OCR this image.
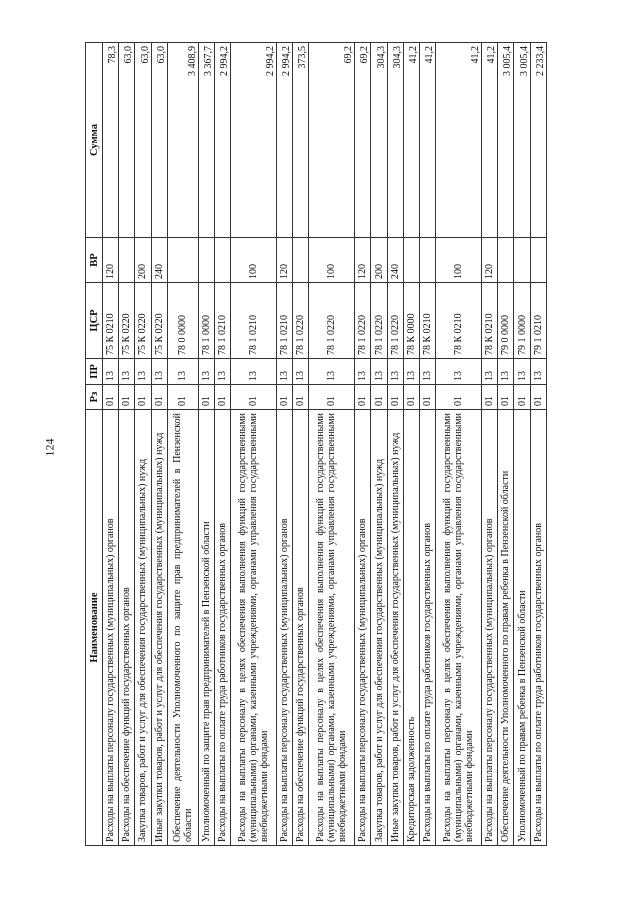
124
Наименование	Рз	ПР	ЦСР	ВР	Сумма
Расходы на выплаты персоналу государственных (муниципальных) органов	01	13	75 К 0210	120	78,3
Расходы на обеспечение функций государственных органов	01	13	75 К 0220		63,0
Закупка товаров, работ и услуг для обеспечения государственных (муниципальных) нужд	01	13	75 К 0220	200	63,0
Иные закупки товаров, работ и услуг для обеспечения государственных (муниципальных) нужд	01	13	75 К 0220	240	63,0
Обеспечение деятельности Уполномоченного по защите прав предпринимателей в Пензенской области	01	13	78 0 0000		3 408,9
Уполномоченный по защите прав предпринимателей в Пензенской области	01	13	78 1 0000		3 367,7
Расходы на выплаты по оплате труда работников государственных органов	01	13	78 1 0210		2 994,2
Расходы на выплаты персоналу в целях обеспечения выполнения функций государственными (муниципальными) органами, казенными учреждениями, органами управления государственными внебюджетными фондами	01	13	78 1 0210	100	2 994,2
Расходы на выплаты персоналу государственных (муниципальных) органов	01	13	78 1 0210	120	2 994,2
Расходы на обеспечение функций государственных органов	01	13	78 1 0220		373,5
Расходы на выплаты персоналу в целях обеспечения выполнения функций государственными (муниципальными) органами, казенными учреждениями, органами управления государственными внебюджетными фондами	01	13	78 1 0220	100	69,2
Расходы на выплаты персоналу государственных (муниципальных) органов	01	13	78 1 0220	120	69,2
Закупка товаров, работ и услуг для обеспечения государственных (муниципальных) нужд	01	13	78 1 0220	200	304,3
Иные закупки товаров, работ и услуг для обеспечения государственных (муниципальных) нужд	01	13	78 1 0220	240	304,3
Кредиторская задолженность	01	13	78 К 0000		41,2
Расходы на выплаты по оплате труда работников государственных органов	01	13	78 К 0210		41,2
Расходы на выплаты персоналу в целях обеспечения выполнения функций государственными (муниципальными) органами, казенными учреждениями, органами управления государственными внебюджетными фондами	01	13	78 К 0210	100	41,2
Расходы на выплаты персоналу государственных (муниципальных) органов	01	13	78 К 0210	120	41,2
Обеспечение деятельности Уполномоченного по правам ребенка в Пензенской области	01	13	79 0 0000		3 005,4
Уполномоченный по правам ребенка в Пензенской области	01	13	79 1 0000		3 005,4
Расходы на выплаты по оплате труда работников государственных органов	01	13	79 1 0210		2 233,4
